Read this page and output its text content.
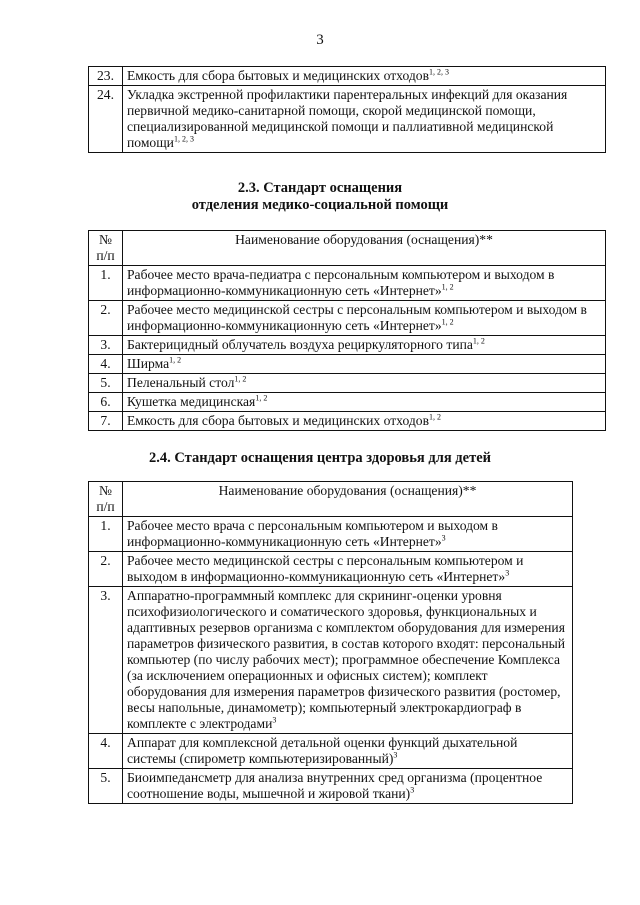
3
23.	Емкость для сбора бытовых и медицинских отходов$^{1, 2, 3}$
24.	Укладка экстренной профилактики парентеральных инфекций для оказания первичной медико-санитарной помощи, скорой медицинской помощи, специализированной медицинской помощи и паллиативной медицинской помощи$^{1, 2, 3}$
2.3. Стандарт оснащения
отделения медико-социальной помощи
№ п/п	Наименование оборудования (оснащения)**
1.	Рабочее место врача-педиатра с персональным компьютером и выходом в информационно-коммуникационную сеть «Интернет»$^{1, 2}$
2.	Рабочее место медицинской сестры с персональным компьютером и выходом в информационно-коммуникационную сеть «Интернет»$^{1, 2}$
3.	Бактерицидный облучатель воздуха рециркуляторного типа$^{1, 2}$
4.	Ширма$^{1, 2}$
5.	Пеленальный стол$^{1, 2}$
6.	Кушетка медицинская$^{1, 2}$
7.	Емкость для сбора бытовых и медицинских отходов$^{1, 2}$
2.4. Стандарт оснащения центра здоровья для детей
№ п/п	Наименование оборудования (оснащения)**
1.	Рабочее место врача с персональным компьютером и выходом в информационно-коммуникационную сеть «Интернет»$^3$
2.	Рабочее место медицинской сестры с персональным компьютером и выходом в информационно-коммуникационную сеть «Интернет»$^3$
3.	Аппаратно-программный комплекс для скрининг-оценки уровня психофизиологического и соматического здоровья, функциональных и адаптивных резервов организма с комплектом оборудования для измерения параметров физического развития, в состав которого входят: персональный компьютер (по числу рабочих мест); программное обеспечение Комплекса (за исключением операционных и офисных систем); комплект оборудования для измерения параметров физического развития (ростомер, весы напольные, динамометр); компьютерный электрокардиограф в комплекте с электродами$^3$
4.	Аппарат для комплексной детальной оценки функций дыхательной системы (спирометр компьютеризированный)$^3$
5.	Биоимпедансметр для анализа внутренних сред организма (процентное соотношение воды, мышечной и жировой ткани)$^3$
